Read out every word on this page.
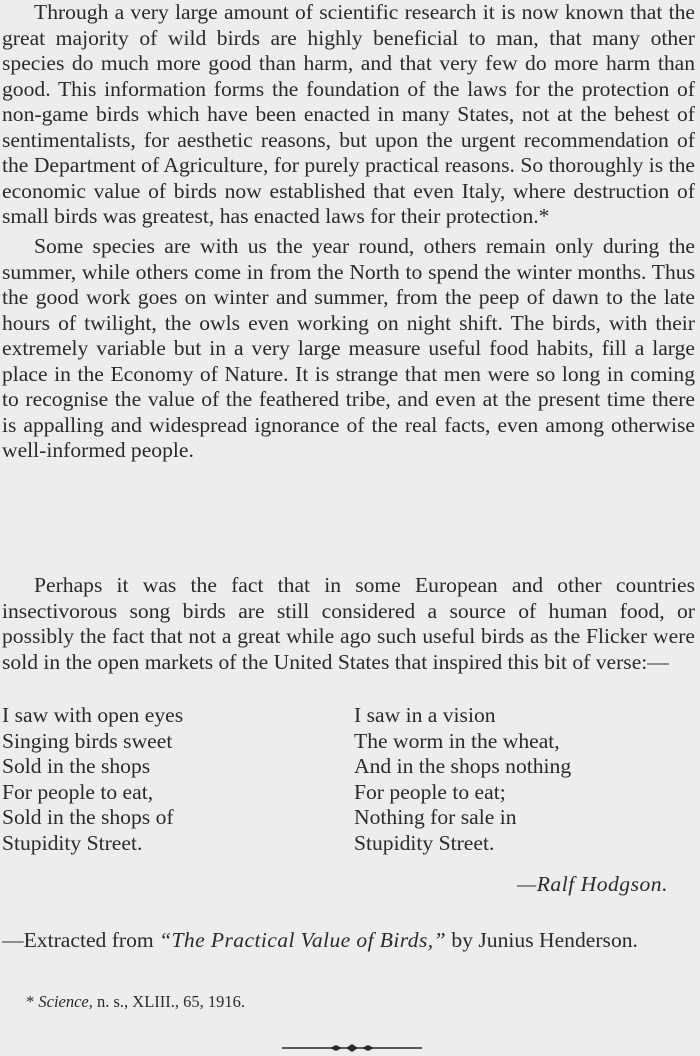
Through a very large amount of scientific research it is now known that the great majority of wild birds are highly beneficial to man, that many other species do much more good than harm, and that very few do more harm than good. This information forms the foundation of the laws for the protection of non-game birds which have been enacted in many States, not at the behest of sentimentalists, for aesthetic reasons, but upon the urgent recommendation of the Department of Agriculture, for purely practical reasons. So thoroughly is the economic value of birds now established that even Italy, where destruction of small birds was greatest, has enacted laws for their protection.*

Some species are with us the year round, others remain only during the summer, while others come in from the North to spend the winter months. Thus the good work goes on winter and summer, from the peep of dawn to the late hours of twilight, the owls even working on night shift. The birds, with their extremely variable but in a very large measure useful food habits, fill a large place in the Economy of Nature. It is strange that men were so long in coming to recognise the value of the feathered tribe, and even at the present time there is appalling and widespread ignorance of the real facts, even among otherwise well-informed people.

Perhaps it was the fact that in some European and other countries insectivorous song birds are still considered a source of human food, or possibly the fact that not a great while ago such useful birds as the Flicker were sold in the open markets of the United States that inspired this bit of verse:—

I saw with open eyes
Singing birds sweet
Sold in the shops
For people to eat,
Sold in the shops of
Stupidity Street.
I saw in a vision
The worm in the wheat,
And in the shops nothing
For people to eat;
Nothing for sale in
Stupidity Street.
—Ralf Hodgson.

—Extracted from “The Practical Value of Birds,” by Junius Henderson.

* Science, n. s., XLIII., 65, 1916.
